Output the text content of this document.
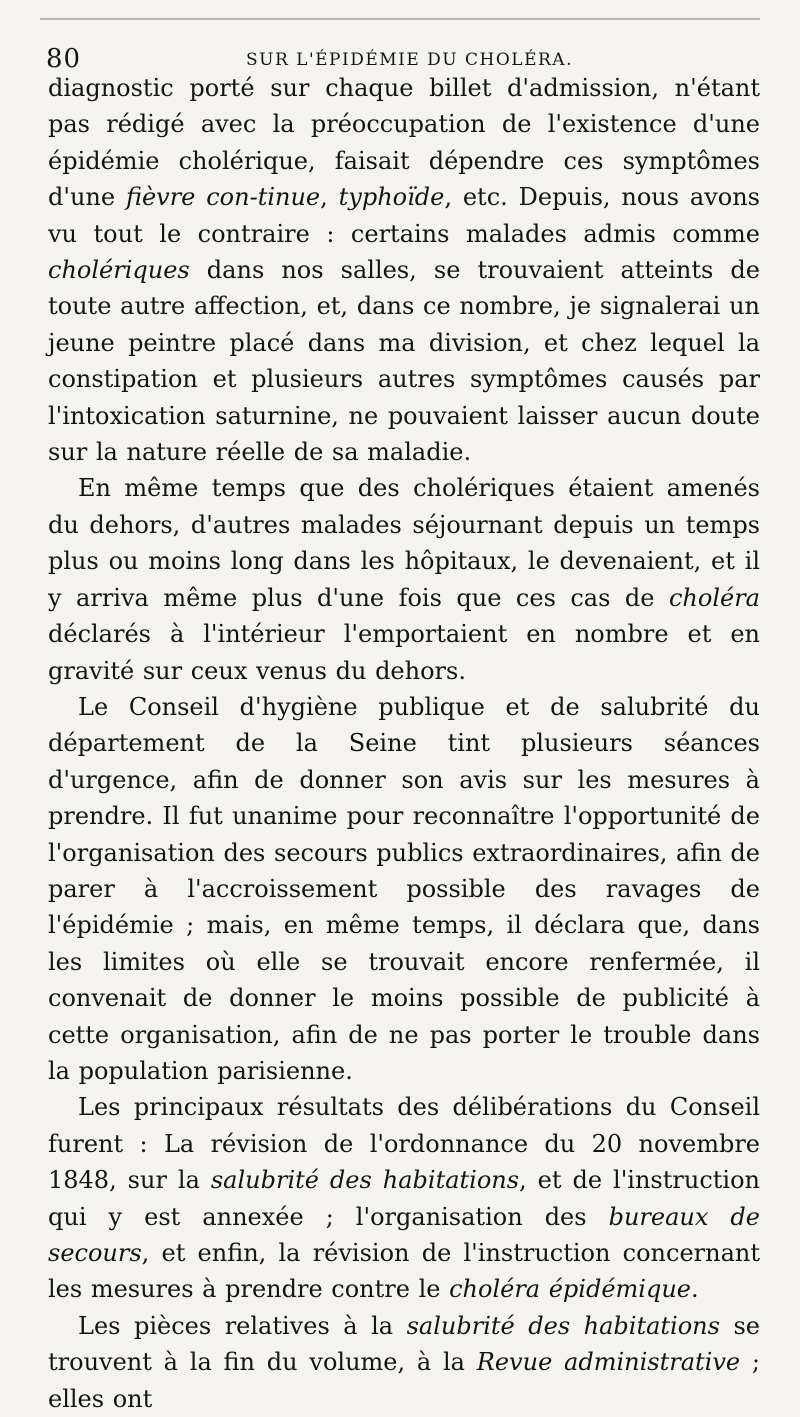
80	SUR L'ÉPIDÉMIE DU CHOLÉRA.

diagnostic porté sur chaque billet d'admission, n'étant pas rédigé avec la préoccupation de l'existence d'une épidémie cholérique, faisait dépendre ces symptômes d'une fièvre con-tinue, typhoïde, etc. Depuis, nous avons vu tout le contraire : certains malades admis comme cholériques dans nos salles, se trouvaient atteints de toute autre affection, et, dans ce nombre, je signalerai un jeune peintre placé dans ma division, et chez lequel la constipation et plusieurs autres symptômes causés par l'intoxication saturnine, ne pouvaient laisser aucun doute sur la nature réelle de sa maladie.

En même temps que des cholériques étaient amenés du dehors, d'autres malades séjournant depuis un temps plus ou moins long dans les hôpitaux, le devenaient, et il y arriva même plus d'une fois que ces cas de choléra déclarés à l'intérieur l'emportaient en nombre et en gravité sur ceux venus du dehors.

Le Conseil d'hygiène publique et de salubrité du département de la Seine tint plusieurs séances d'urgence, afin de donner son avis sur les mesures à prendre. Il fut unanime pour reconnaître l'opportunité de l'organisation des secours publics extraordinaires, afin de parer à l'accroissement possible des ravages de l'épidémie ; mais, en même temps, il déclara que, dans les limites où elle se trouvait encore renfermée, il convenait de donner le moins possible de publicité à cette organisation, afin de ne pas porter le trouble dans la population parisienne.

Les principaux résultats des délibérations du Conseil furent : La révision de l'ordonnance du 20 novembre 1848, sur la salubrité des habitations, et de l'instruction qui y est annexée ; l'organisation des bureaux de secours, et enfin, la révision de l'instruction concernant les mesures à prendre contre le choléra épidémique.

Les pièces relatives à la salubrité des habitations se trouvent à la fin du volume, à la Revue administrative ; elles ont
